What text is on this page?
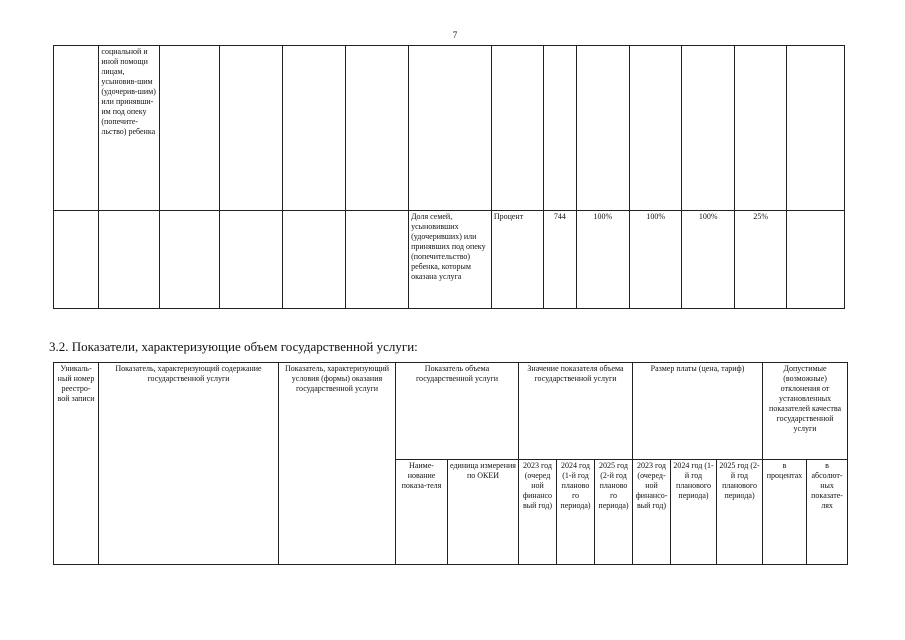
7
	социальной и иной помощи лицам, усыновив-шим (удочерив-шим) или принявши-им под опеку (попечите-льство) ребенка												
						Доля семей, усыновивших (удочеривших) или принявших под опеку (попечительство) ребенка, которым оказана услуга	Процент	744	100%	100%	100%	25%	
3.2. Показатели, характеризующие объем государственной услуги:
Уникаль-ный номер реестро-вой записи	Показатель, характеризующий содержание государственной услуги	Показатель, характеризующий условия (формы) оказания государственной услуги	Показатель объема государственной услуги		Значение показателя объема государственной услуги			Размер платы (цена, тариф)			Допустимые (возможные) отклонения от установленных показателей качества государственной услуги	
			Наиме-нование показа-теля	единица измерения по ОКЕИ	2023 год (очеред ной финансо вый год)	2024 год (1-й год планово го периода)	2025 год (2-й год планово го периода)	2023 год (очеред-ной финансо-вый год)	2024 год (1-й год планового периода)	2025 год (2-й год планового периода)	в процентах	в абсолют-ных показате-лях
